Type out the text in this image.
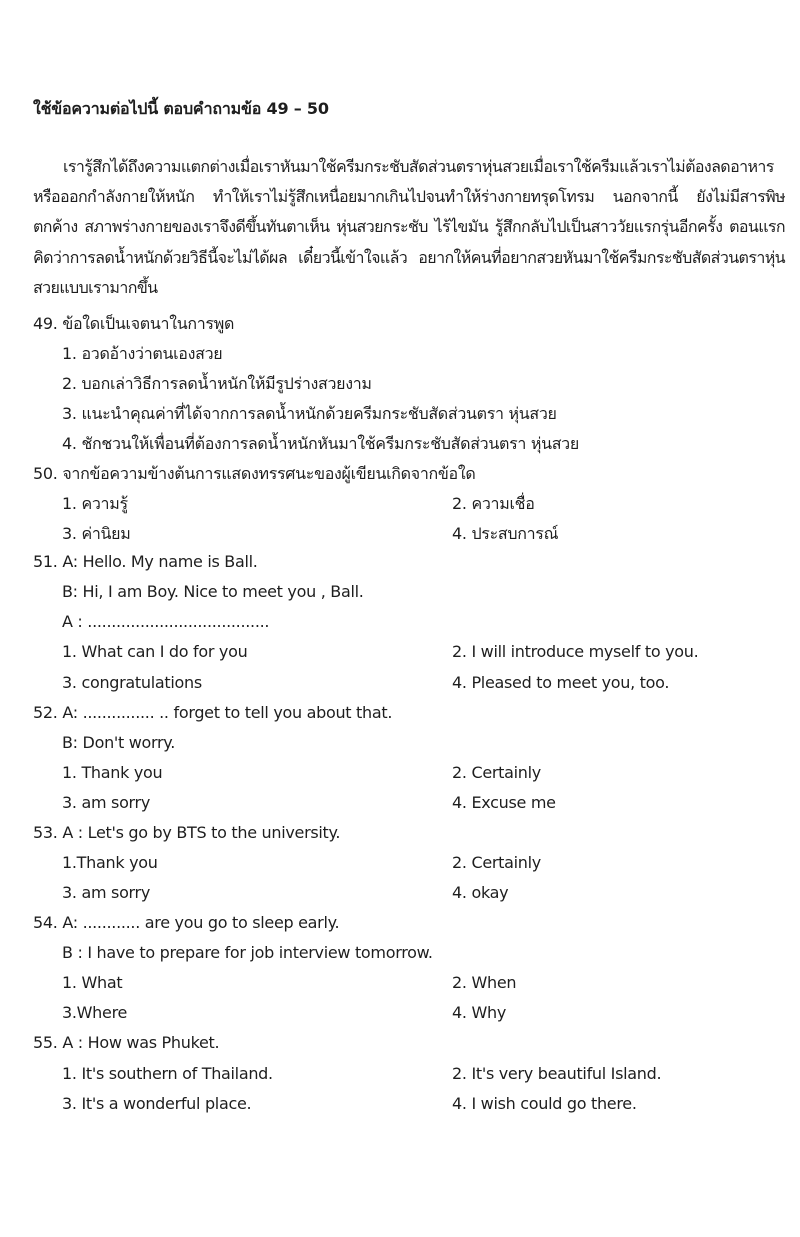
ใช้ข้อความต่อไปนี้ ตอบคำถามข้อ 49 – 50
เรารู้สึกได้ถึงความแตกต่างเมื่อเราหันมาใช้ครีมกระชับสัดส่วนตราหุ่นสวยเมื่อเราใช้ครีมแล้วเราไม่ต้องลดอาหารหรือออกกำลังกายให้หนัก ทำให้เราไม่รู้สึกเหนื่อยมากเกินไปจนทำให้ร่างกายทรุดโทรม นอกจากนี้ ยังไม่มีสารพิษตกค้าง สภาพร่างกายของเราจึงดีขึ้นทันตาเห็น หุ่นสวยกระชับ ไร้ไขมัน รู้สึกกลับไปเป็นสาววัยแรกรุ่นอีกครั้ง ตอนแรกคิดว่าการลดน้ำหนักด้วยวิธีนี้จะไม่ได้ผล เดี๋ยวนี้เข้าใจแล้ว อยากให้คนที่อยากสวยหันมาใช้ครีมกระชับสัดส่วนตราหุ่นสวยแบบเรามากขึ้น
49. ข้อใดเป็นเจตนาในการพูด
1. อวดอ้างว่าตนเองสวย
2. บอกเล่าวิธีการลดน้ำหนักให้มีรูปร่างสวยงาม
3. แนะนำคุณค่าที่ได้จากการลดน้ำหนักด้วยครีมกระชับสัดส่วนตรา หุ่นสวย
4. ชักชวนให้เพื่อนที่ต้องการลดน้ำหนักหันมาใช้ครีมกระชับสัดส่วนตรา หุ่นสวย
50. จากข้อความข้างต้นการแสดงทรรศนะของผู้เขียนเกิดจากข้อใด
1. ความรู้	2. ความเชื่อ
3. ค่านิยม	4. ประสบการณ์
51. A: Hello. My name is Ball.
B: Hi, I am Boy. Nice to meet you , Ball.
A : ......................................
1. What can I do for you	2. I will introduce myself to you.
3. congratulations	4. Pleased to meet you, too.
52. A: ............... .. forget to tell you about that.
B: Don't worry.
1. Thank you	2. Certainly
3. am sorry	4. Excuse me
53. A : Let's go by BTS to the university.
1.Thank you	2. Certainly
3. am sorry	4. okay
54. A: ............ are you go to sleep early.
B : I have to prepare for job interview tomorrow.
1. What	2. When
3.Where	4. Why
55. A : How was Phuket.
1. It's southern of Thailand.	2. It's very beautiful Island.
3. It's a wonderful place.	4. I wish could go there.
